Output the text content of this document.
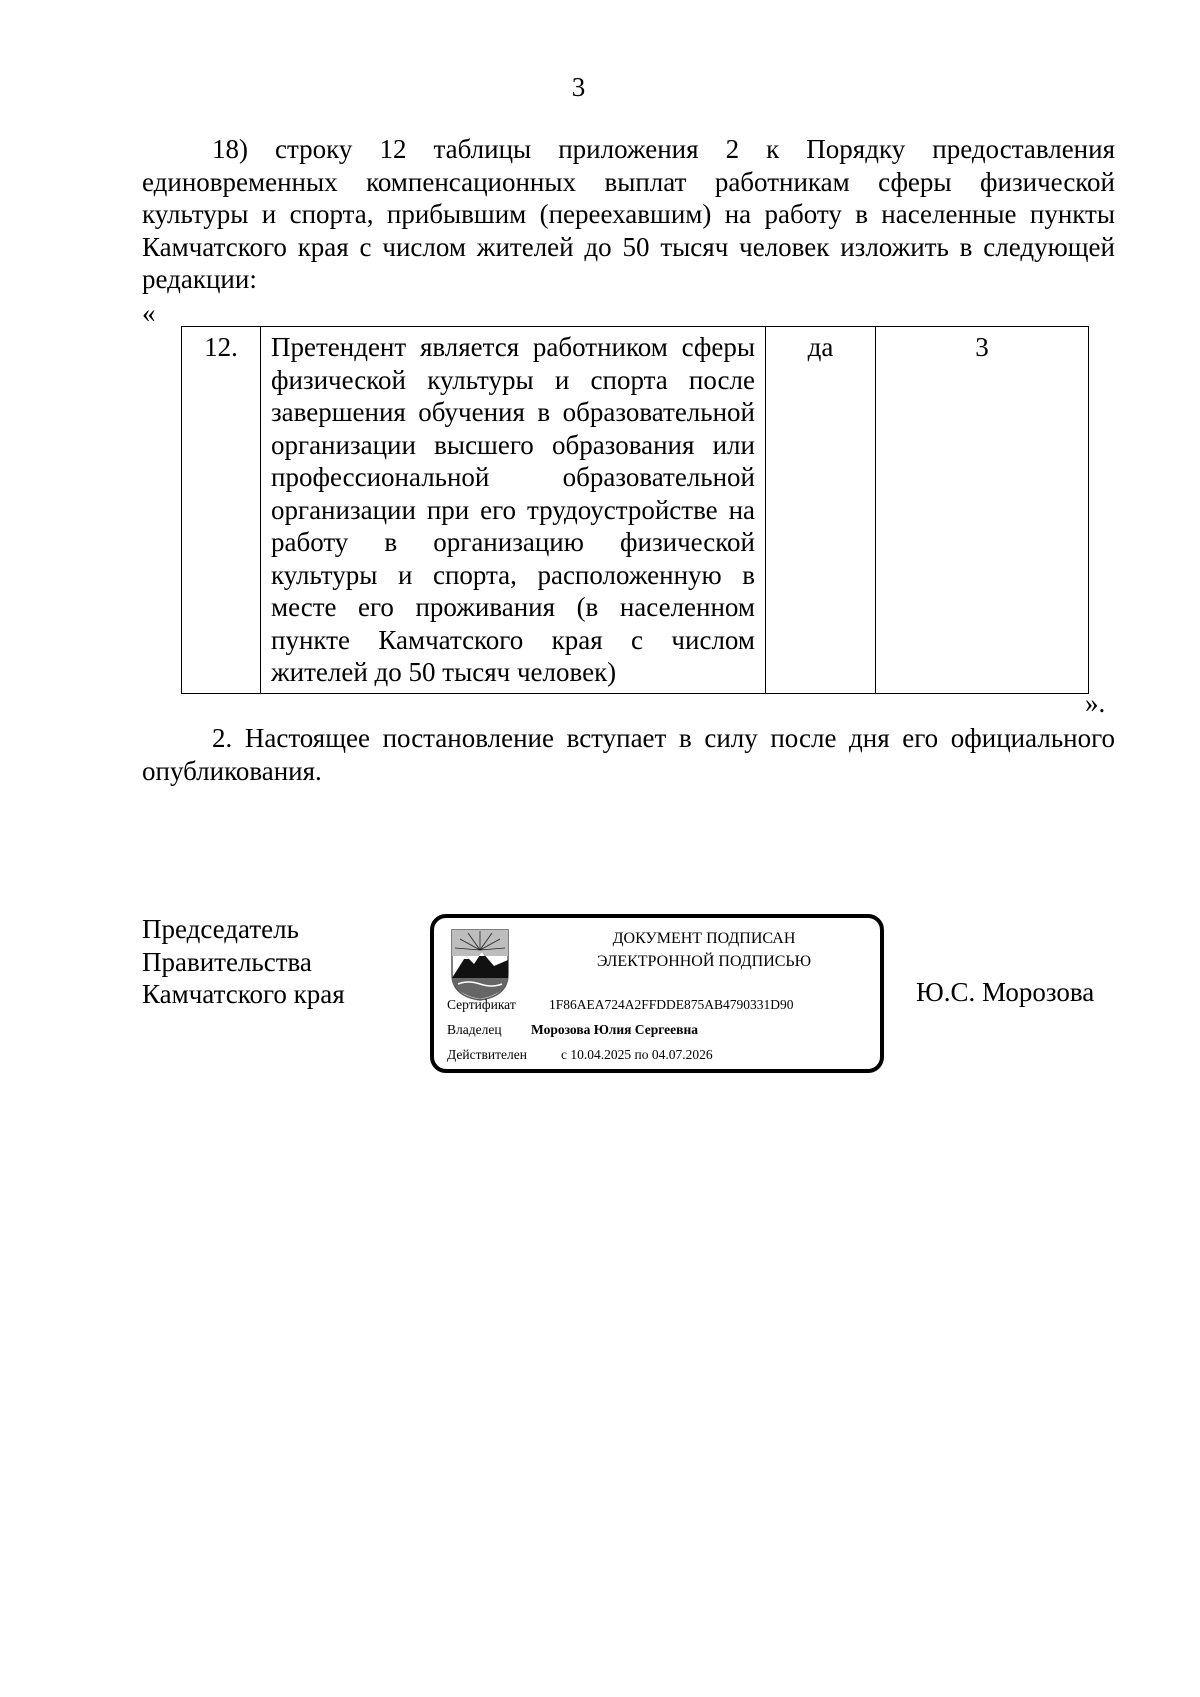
3

18) строку 12 таблицы приложения 2 к Порядку предоставления единовременных компенсационных выплат работникам сферы физической культуры и спорта, прибывшим (переехавшим) на работу в населенные пункты Камчатского края с числом жителей до 50 тысяч человек изложить в следующей редакции:

«
12.	Претендент является работником сферы физической культуры и спорта после завершения обучения в образовательной организации высшего образования или профессиональной образовательной организации при его трудоустройстве на работу в организацию физической культуры и спорта, расположенную в месте его проживания (в населенном пункте Камчатского края с числом жителей до 50 тысяч человек)	да	3
».

2. Настоящее постановление вступает в силу после дня его официального опубликования.

Председатель
Правительства
Камчатского края
ДОКУМЕНТ ПОДПИСАН
ЭЛЕКТРОННОЙ ПОДПИСЬЮ
Сертификат 1F86AEA724A2FFDDE875AB4790331D90
Владелец Морозова Юлия Сергеевна
Действителен	с 10.04.2025 по 04.07.2026
Ю.С. Морозова
